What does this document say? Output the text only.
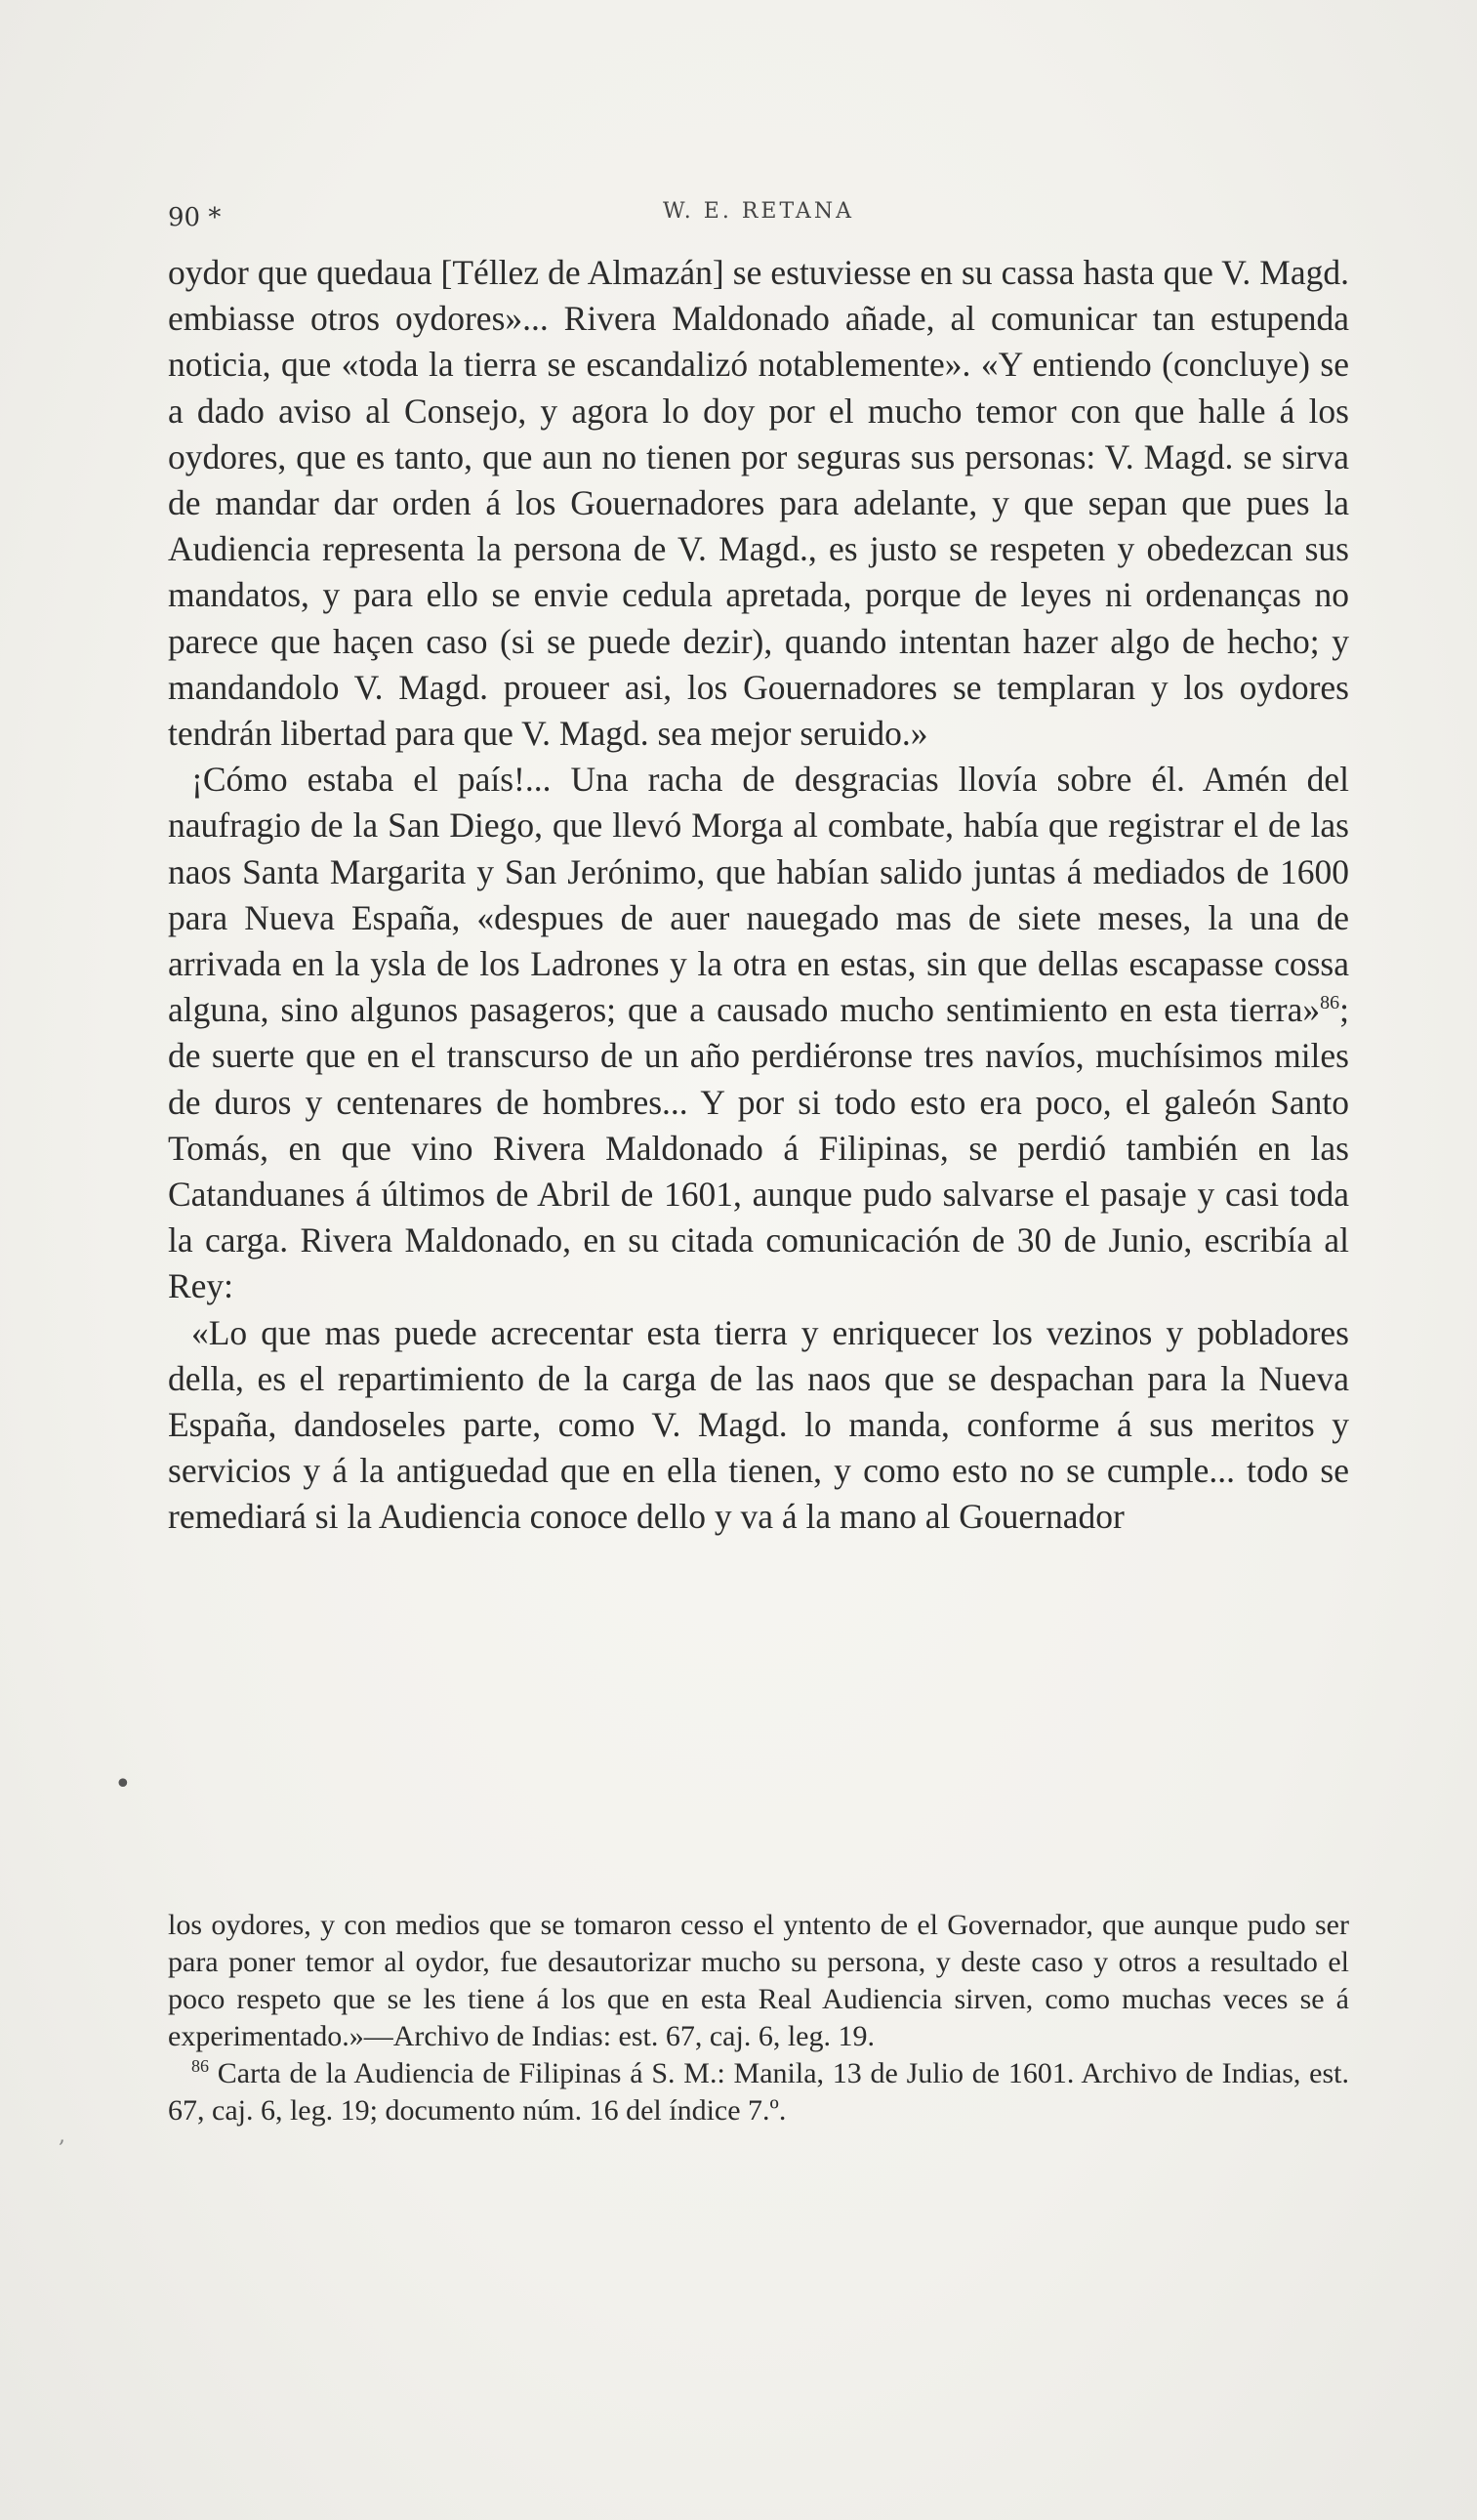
90 *	W. E. RETANA

oydor que quedaua [Téllez de Almazán] se estuviesse en su cassa hasta que V. Magd. embiasse otros oydores»... Rivera Maldonado añade, al comunicar tan estupenda noticia, que «toda la tierra se escandalizó notablemente». «Y entiendo (concluye) se a dado aviso al Consejo, y agora lo doy por el mucho temor con que halle á los oydores, que es tanto, que aun no tienen por seguras sus personas: V. Magd. se sirva de mandar dar orden á los Gouernadores para adelante, y que sepan que pues la Audiencia representa la persona de V. Magd., es justo se respeten y obedezcan sus mandatos, y para ello se envie cedula apretada, porque de leyes ni ordenanças no parece que haçen caso (si se puede dezir), quando intentan hazer algo de hecho; y mandandolo V. Magd. proueer asi, los Gouernadores se templaran y los oydores tendrán libertad para que V. Magd. sea mejor seruido.»

¡Cómo estaba el país!... Una racha de desgracias llovía sobre él. Amén del naufragio de la San Diego, que llevó Morga al combate, había que registrar el de las naos Santa Margarita y San Jerónimo, que habían salido juntas á mediados de 1600 para Nueva España, «despues de auer nauegado mas de siete meses, la una de arrivada en la ysla de los Ladrones y la otra en estas, sin que dellas escapasse cossa alguna, sino algunos pasageros; que a causado mucho sentimiento en esta tierra»$^{86}$; de suerte que en el transcurso de un año perdiéronse tres navíos, muchísimos miles de duros y centenares de hombres... Y por si todo esto era poco, el galeón Santo Tomás, en que vino Rivera Maldonado á Filipinas, se perdió también en las Catanduanes á últimos de Abril de 1601, aunque pudo salvarse el pasaje y casi toda la carga. Rivera Maldonado, en su citada comunicación de 30 de Junio, escribía al Rey:

«Lo que mas puede acrecentar esta tierra y enriquecer los vezinos y pobladores della, es el repartimiento de la carga de las naos que se despachan para la Nueva España, dandoseles parte, como V. Magd. lo manda, conforme á sus meritos y servicios y á la antiguedad que en ella tienen, y como esto no se cumple... todo se remediará si la Audiencia conoce dello y va á la mano al Gouernador

los oydores, y con medios que se tomaron cesso el yntento de el Governador, que aunque pudo ser para poner temor al oydor, fue desautorizar mucho su persona, y deste caso y otros a resultado el poco respeto que se les tiene á los que en esta Real Audiencia sirven, como muchas veces se á experimentado.»—Archivo de Indias: est. 67, caj. 6, leg. 19.

$^{86}$ Carta de la Audiencia de Filipinas á S. M.: Manila, 13 de Julio de 1601. Archivo de Indias, est. 67, caj. 6, leg. 19; documento núm. 16 del índice 7.º.

•
,
